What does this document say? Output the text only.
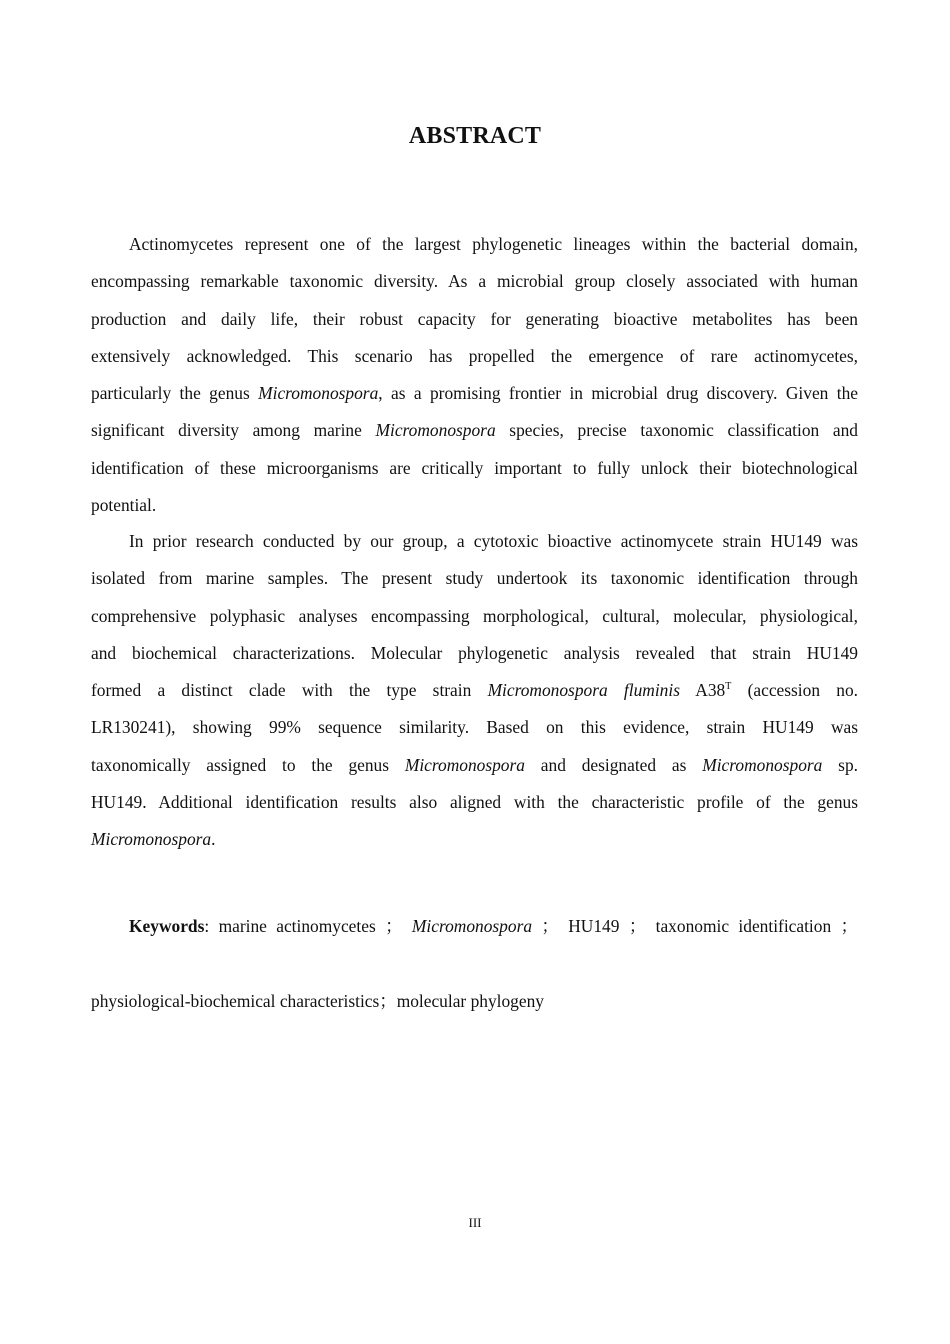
ABSTRACT
Actinomycetes represent one of the largest phylogenetic lineages within the bacterial domain,
encompassing remarkable taxonomic diversity. As a microbial group closely associated with human
production and daily life, their robust capacity for generating bioactive metabolites has been
extensively acknowledged. This scenario has propelled the emergence of rare actinomycetes,
particularly the genus Micromonospora, as a promising frontier in microbial drug discovery. Given the
significant diversity among marine Micromonospora species, precise taxonomic classification and
identification of these microorganisms are critically important to fully unlock their biotechnological
potential.
In prior research conducted by our group, a cytotoxic bioactive actinomycete strain HU149 was
isolated from marine samples. The present study undertook its taxonomic identification through
comprehensive polyphasic analyses encompassing morphological, cultural, molecular, physiological,
and biochemical characterizations. Molecular phylogenetic analysis revealed that strain HU149
formed a distinct clade with the type strain Micromonospora fluminis $A38^T$ (accession no.
LR130241), showing 99% sequence similarity. Based on this evidence, strain HU149 was
taxonomically assigned to the genus Micromonospora and designated as Micromonospora sp.
HU149. Additional identification results also aligned with the characteristic profile of the genus
Micromonospora.
Keywords: marine actinomycetes ； Micromonospora ； HU149 ； taxonomic identification ；
physiological-biochemical characteristics；molecular phylogeny
III
